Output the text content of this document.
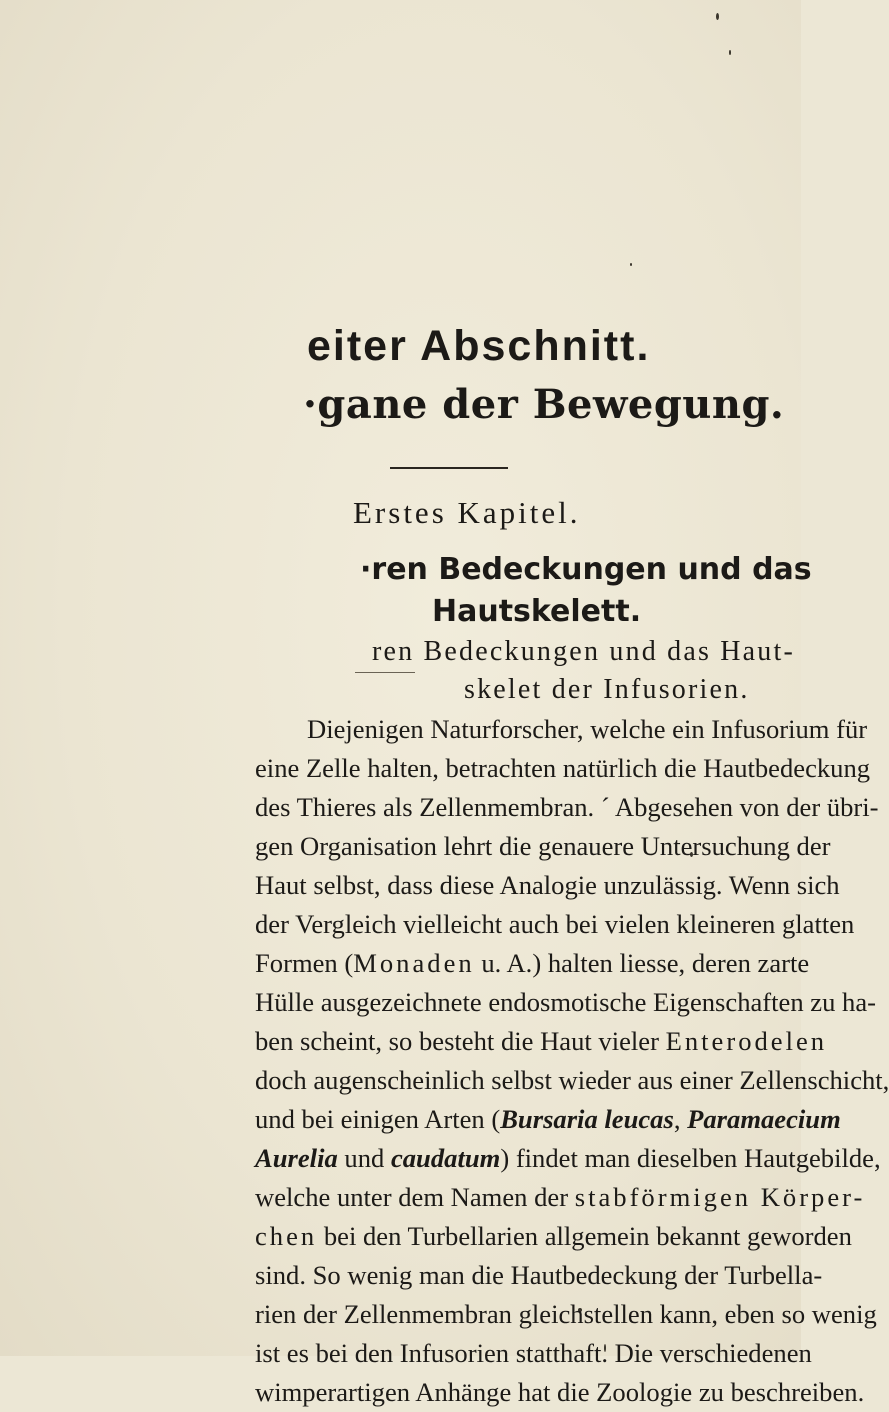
eiter Abschnitt.
·gane der Bewegung.
Erstes Kapitel.
·ren Bedeckungen und das
Hautskelett.
ren Bedeckungen und das Haut-
skelet der Infusorien.
Diejenigen Naturforscher, welche ein Infusorium für
eine Zelle halten, betrachten natürlich die Hautbedeckung
des Thieres als Zellenmembran. ´ Abgesehen von der übri-
gen Organisation lehrt die genauere Untersuchung der
Haut selbst, dass diese Analogie unzulässig. Wenn sich
der Vergleich vielleicht auch bei vielen kleineren glatten
Formen (Monaden u. A.) halten liesse, deren zarte
Hülle ausgezeichnete endosmotische Eigenschaften zu ha-
ben scheint, so besteht die Haut vieler Enterodelen
doch augenscheinlich selbst wieder aus einer Zellenschicht,
und bei einigen Arten (Bursaria leucas, Paramaecium
Aurelia und caudatum) findet man dieselben Hautgebilde,
welche unter dem Namen der stabförmigen Körper-
chen bei den Turbellarien allgemein bekannt geworden
sind. So wenig man die Hautbedeckung der Turbella-
rien der Zellenmembran gleichstellen kann, eben so wenig
ist es bei den Infusorien statthaft. Die verschiedenen
wimperartigen Anhänge hat die Zoologie zu beschreiben.
